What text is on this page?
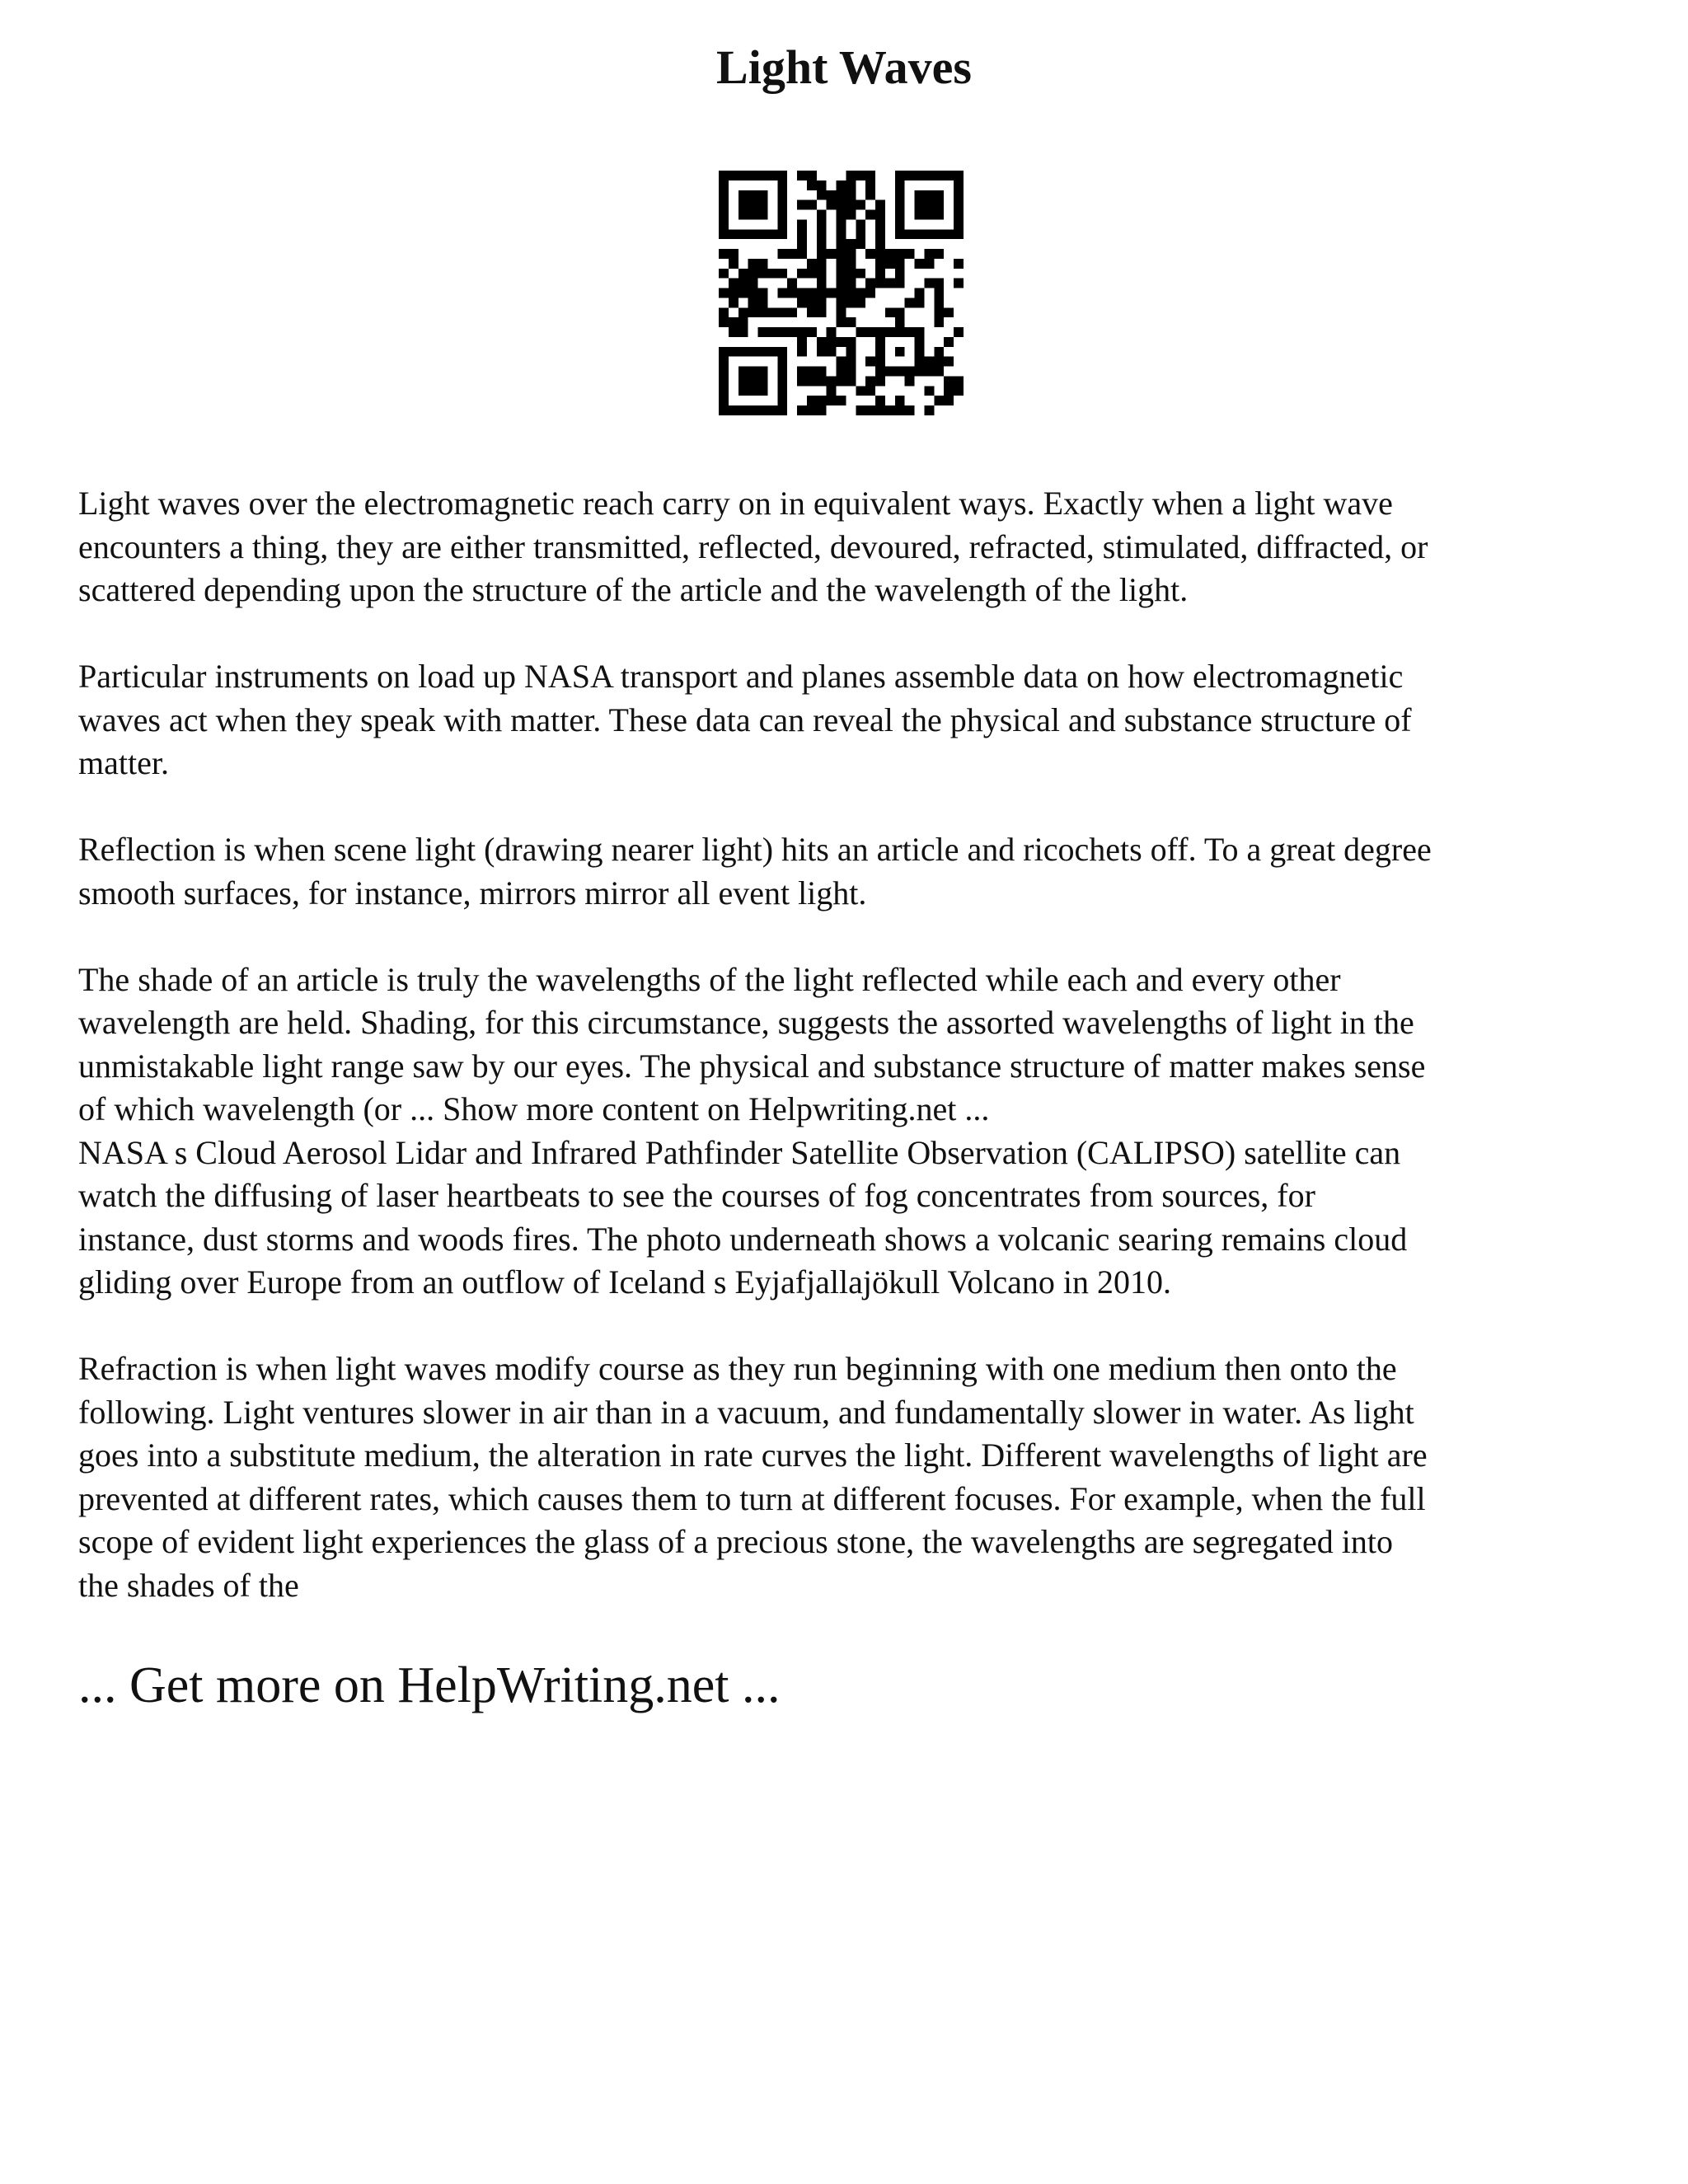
Light Waves

Light waves over the electromagnetic reach carry on in equivalent ways. Exactly when a light wave
encounters a thing, they are either transmitted, reflected, devoured, refracted, stimulated, diffracted, or
scattered depending upon the structure of the article and the wavelength of the light.

Particular instruments on load up NASA transport and planes assemble data on how electromagnetic
waves act when they speak with matter. These data can reveal the physical and substance structure of
matter.

Reflection is when scene light (drawing nearer light) hits an article and ricochets off. To a great degree
smooth surfaces, for instance, mirrors mirror all event light.

The shade of an article is truly the wavelengths of the light reflected while each and every other
wavelength are held. Shading, for this circumstance, suggests the assorted wavelengths of light in the
unmistakable light range saw by our eyes. The physical and substance structure of matter makes sense
of which wavelength (or ... Show more content on Helpwriting.net ...
NASA s Cloud Aerosol Lidar and Infrared Pathfinder Satellite Observation (CALIPSO) satellite can
watch the diffusing of laser heartbeats to see the courses of fog concentrates from sources, for
instance, dust storms and woods fires. The photo underneath shows a volcanic searing remains cloud
gliding over Europe from an outflow of Iceland s Eyjafjallajökull Volcano in 2010.

Refraction is when light waves modify course as they run beginning with one medium then onto the
following. Light ventures slower in air than in a vacuum, and fundamentally slower in water. As light
goes into a substitute medium, the alteration in rate curves the light. Different wavelengths of light are
prevented at different rates, which causes them to turn at different focuses. For example, when the full
scope of evident light experiences the glass of a precious stone, the wavelengths are segregated into
the shades of the

... Get more on HelpWriting.net ...
